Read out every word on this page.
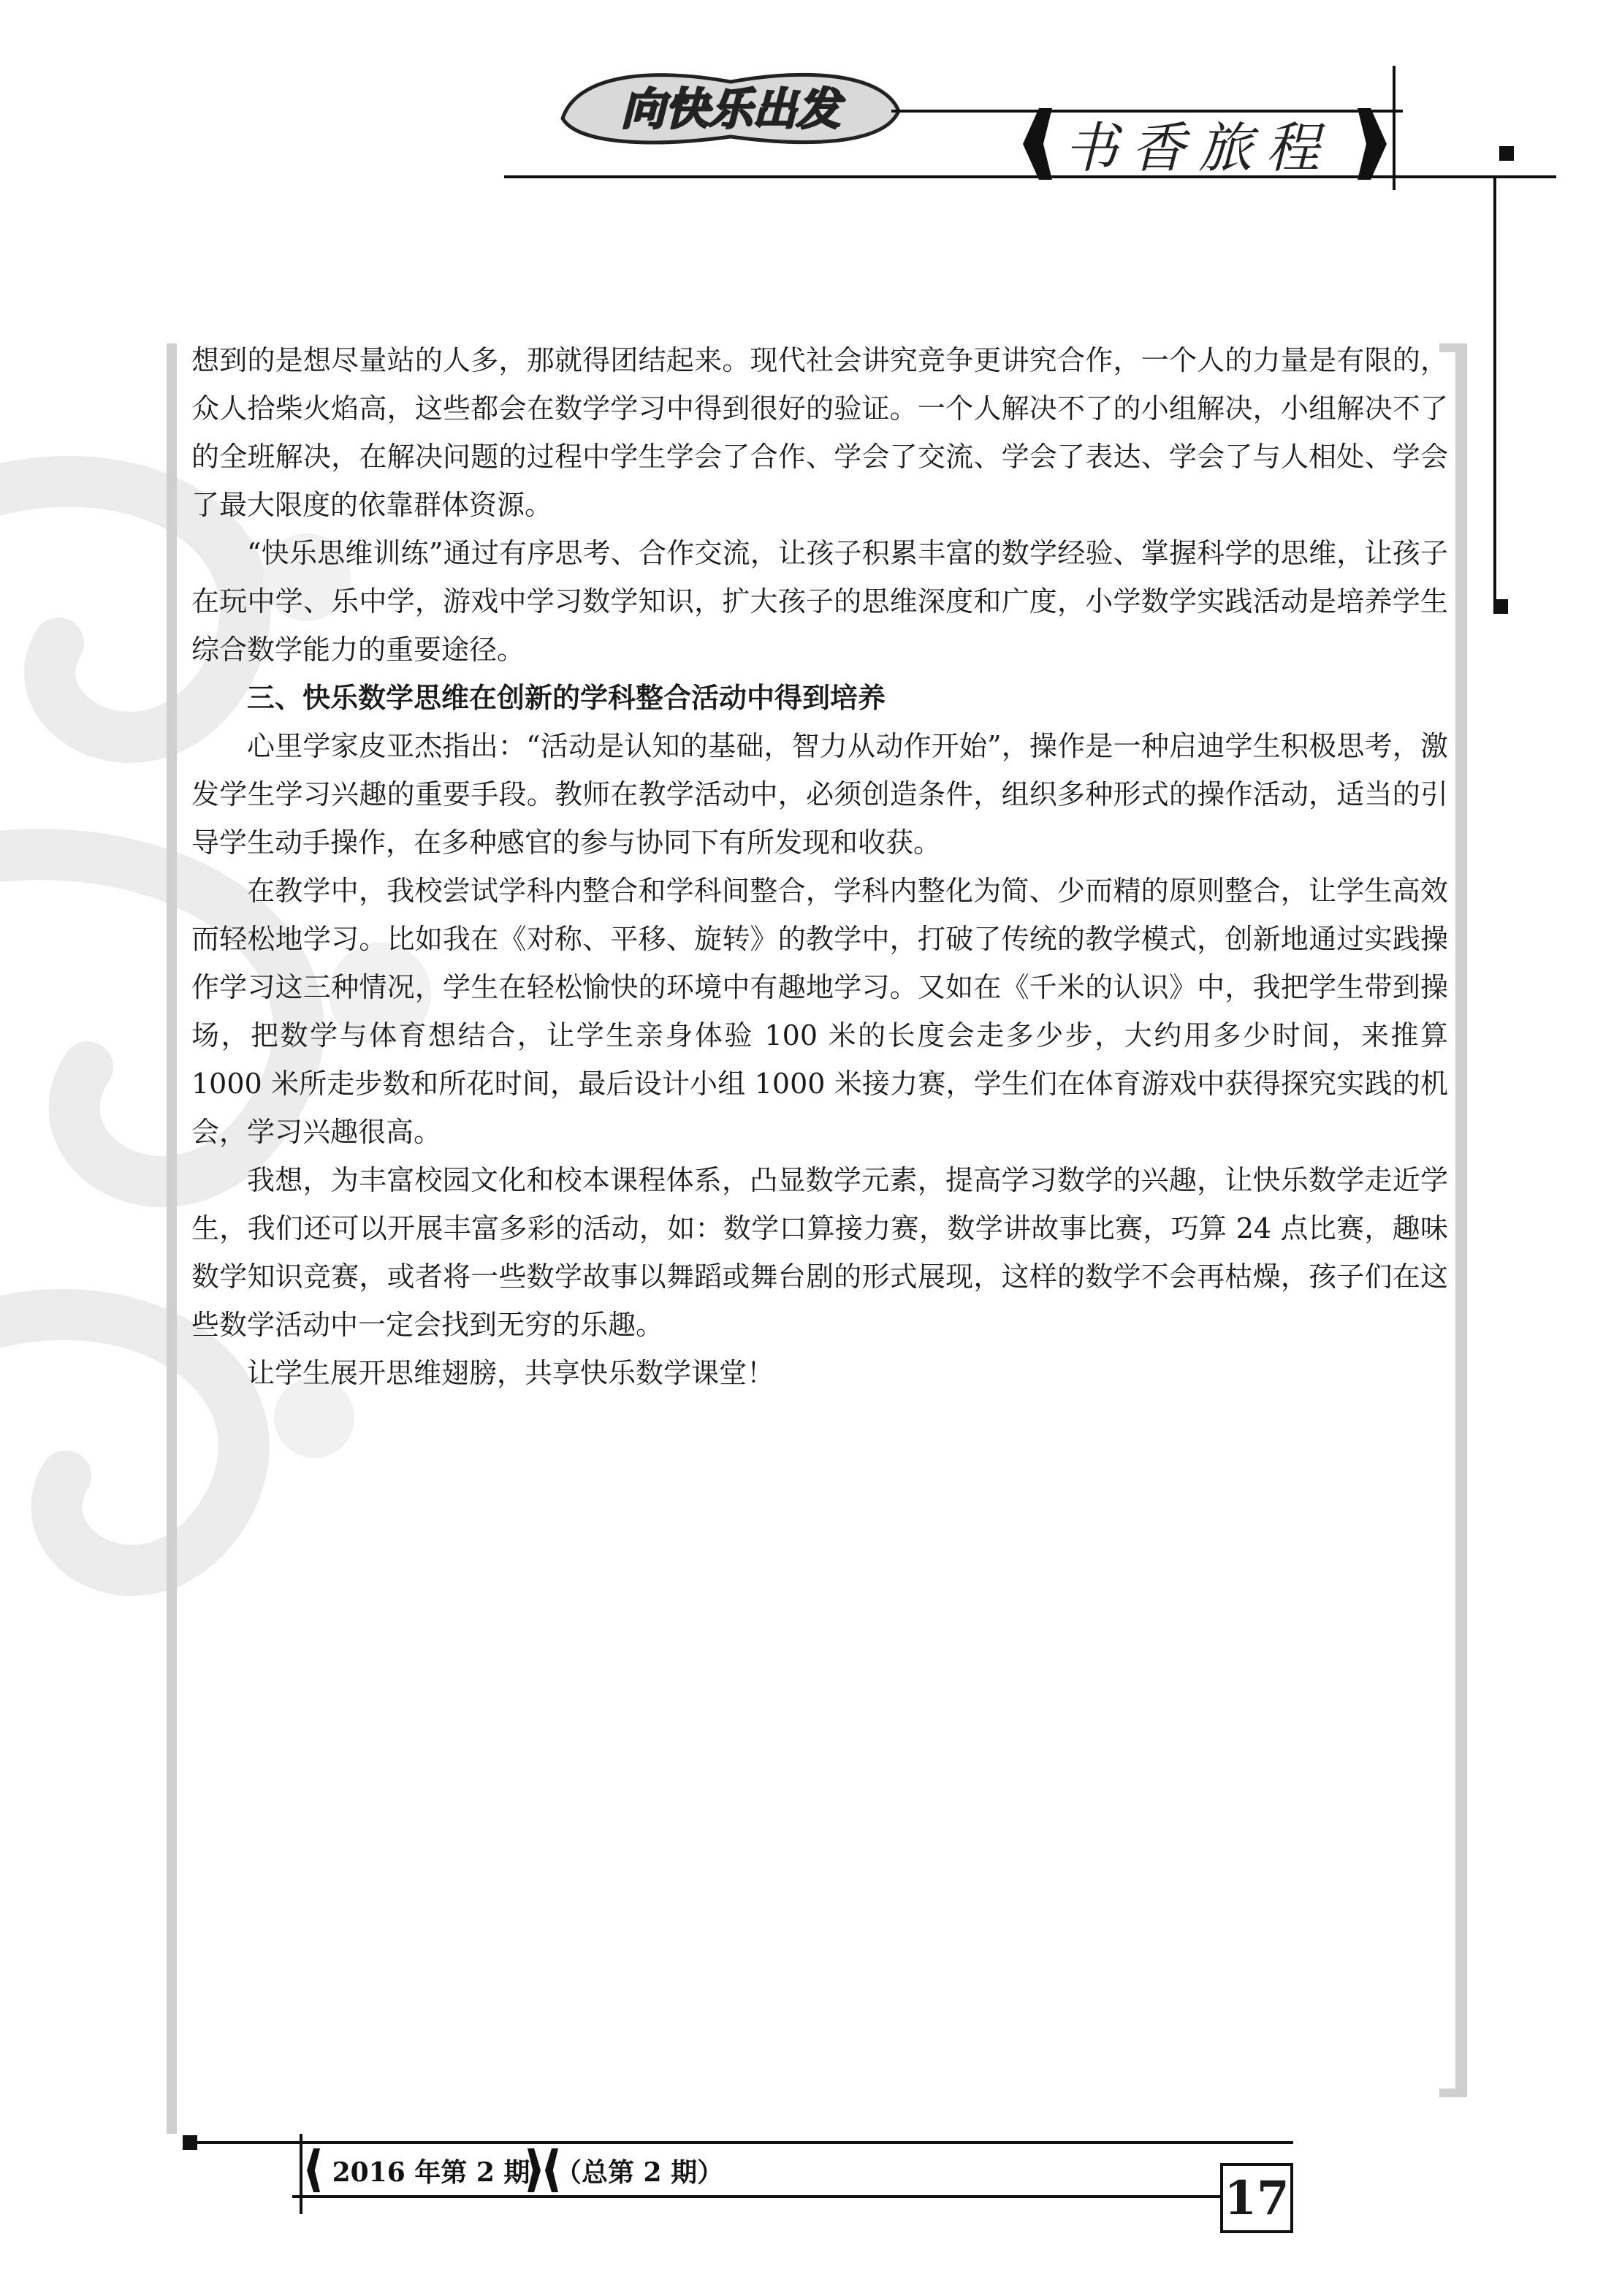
向快乐出发
书香旅程

想到的是想尽量站的人多，那就得团结起来。现代社会讲究竞争更讲究合作，一个人的力量是有限的，众人拾柴火焰高，这些都会在数学学习中得到很好的验证。一个人解决不了的小组解决，小组解决不了的全班解决，在解决问题的过程中学生学会了合作、学会了交流、学会了表达、学会了与人相处、学会了最大限度的依靠群体资源。

“快乐思维训练”通过有序思考、合作交流，让孩子积累丰富的数学经验、掌握科学的思维，让孩子在玩中学、乐中学，游戏中学习数学知识，扩大孩子的思维深度和广度，小学数学实践活动是培养学生综合数学能力的重要途径。

三、快乐数学思维在创新的学科整合活动中得到培养

心里学家皮亚杰指出：“活动是认知的基础，智力从动作开始”，操作是一种启迪学生积极思考，激发学生学习兴趣的重要手段。教师在教学活动中，必须创造条件，组织多种形式的操作活动，适当的引导学生动手操作，在多种感官的参与协同下有所发现和收获。

在教学中，我校尝试学科内整合和学科间整合，学科内整化为简、少而精的原则整合，让学生高效而轻松地学习。比如我在《对称、平移、旋转》的教学中，打破了传统的教学模式，创新地通过实践操作学习这三种情况，学生在轻松愉快的环境中有趣地学习。又如在《千米的认识》中，我把学生带到操场，把数学与体育想结合，让学生亲身体验 100 米的长度会走多少步，大约用多少时间，来推算 1000 米所走步数和所花时间，最后设计小组 1000 米接力赛，学生们在体育游戏中获得探究实践的机会，学习兴趣很高。

我想，为丰富校园文化和校本课程体系，凸显数学元素，提高学习数学的兴趣，让快乐数学走近学生，我们还可以开展丰富多彩的活动，如：数学口算接力赛，数学讲故事比赛，巧算 24 点比赛，趣味数学知识竞赛，或者将一些数学故事以舞蹈或舞台剧的形式展现，这样的数学不会再枯燥，孩子们在这些数学活动中一定会找到无穷的乐趣。

让学生展开思维翅膀，共享快乐数学课堂！

2016 年第 2 期 （总第 2 期）	17
